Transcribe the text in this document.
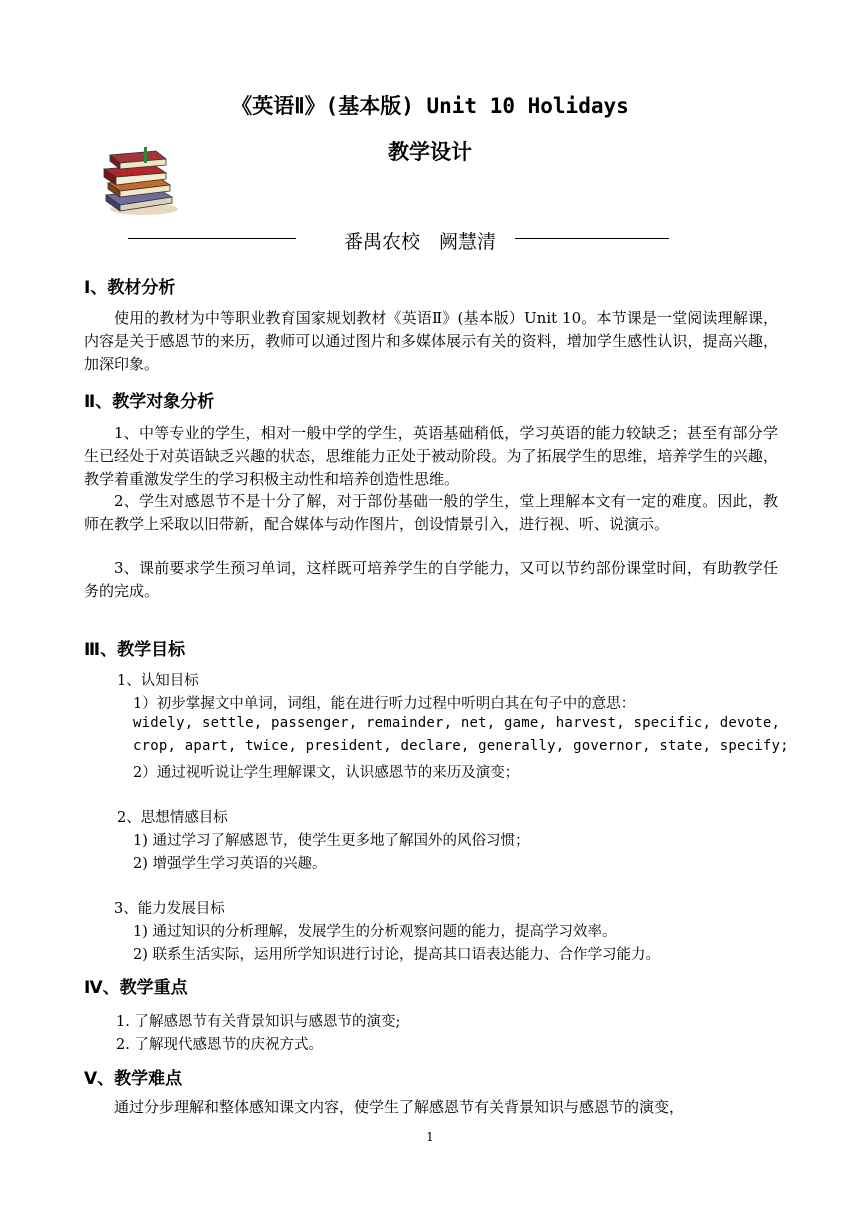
《英语Ⅱ》(基本版) Unit 10 Holidays
教学设计
番禺农校　阙慧清
Ⅰ、教材分析
使用的教材为中等职业教育国家规划教材《英语Ⅱ》(基本版）Unit 10。本节课是一堂阅读理解课，内容是关于感恩节的来历，教师可以通过图片和多媒体展示有关的资料，增加学生感性认识，提高兴趣，加深印象。
Ⅱ、教学对象分析
1、中等专业的学生，相对一般中学的学生，英语基础稍低，学习英语的能力较缺乏；甚至有部分学生已经处于对英语缺乏兴趣的状态，思维能力正处于被动阶段。为了拓展学生的思维，培养学生的兴趣，教学着重激发学生的学习积极主动性和培养创造性思维。
2、学生对感恩节不是十分了解，对于部份基础一般的学生，堂上理解本文有一定的难度。因此，教师在教学上采取以旧带新，配合媒体与动作图片，创设情景引入，进行视、听、说演示。
3、课前要求学生预习单词，这样既可培养学生的自学能力，又可以节约部份课堂时间，有助教学任务的完成。
Ⅲ、教学目标
1、认知目标
1）初步掌握文中单词，词组，能在进行听力过程中听明白其在句子中的意思：
widely, settle, passenger, remainder, net, game, harvest, specific, devote,
crop, apart, twice, president, declare, generally, governor, state, specify;
2）通过视听说让学生理解课文，认识感恩节的来历及演变；
2、思想情感目标
1) 通过学习了解感恩节，使学生更多地了解国外的风俗习惯；
2) 增强学生学习英语的兴趣。
3、能力发展目标
1) 通过知识的分析理解，发展学生的分析观察问题的能力，提高学习效率。
2) 联系生活实际，运用所学知识进行讨论，提高其口语表达能力、合作学习能力。
Ⅳ、教学重点
1. 了解感恩节有关背景知识与感恩节的演变;
2. 了解现代感恩节的庆祝方式。
Ⅴ、教学难点
通过分步理解和整体感知课文内容，使学生了解感恩节有关背景知识与感恩节的演变，
1
